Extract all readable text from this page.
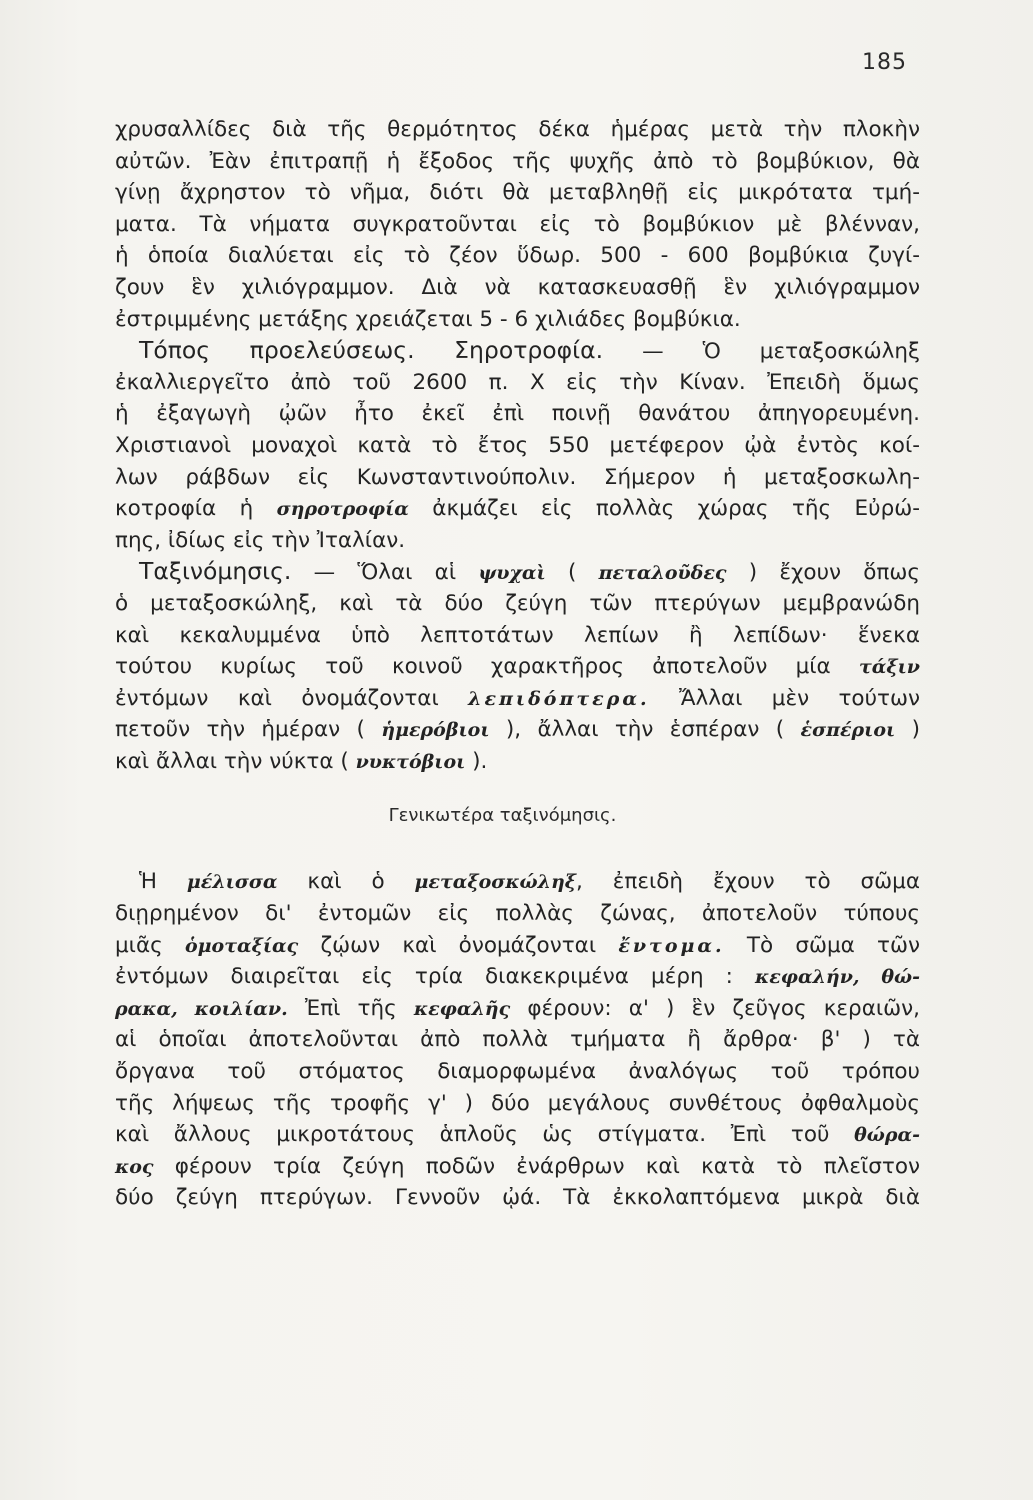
185
χρυσαλλίδες διὰ τῆς θερμότητος δέκα ἡμέρας μετὰ τὴν πλοκὴν
αὐτῶν. Ἐὰν ἐπιτραπῇ ἡ ἔξοδος τῆς ψυχῆς ἀπὸ τὸ βομβύκιον, θὰ
γίνῃ ἄχρηστον τὸ νῆμα, διότι θὰ μεταβληθῇ εἰς μικρότατα τμή-
ματα. Τὰ νήματα συγκρατοῦνται εἰς τὸ βομβύκιον μὲ βλένναν,
ἡ ὁποία διαλύεται εἰς τὸ ζέον ὕδωρ. 500 - 600 βομβύκια ζυγί-
ζουν ἓν χιλιόγραμμον. Διὰ νὰ κατασκευασθῇ ἓν χιλιόγραμμον
ἐστριμμένης μετάξης χρειάζεται 5 - 6 χιλιάδες βομβύκια.
Τόπος προελεύσεως. Σηροτροφία. — Ὁ μεταξοσκώληξ
ἐκαλλιεργεῖτο ἀπὸ τοῦ 2600 π. Χ εἰς τὴν Κίναν. Ἐπειδὴ ὅμως
ἡ ἐξαγωγὴ ᾠῶν ἦτο ἐκεῖ ἐπὶ ποινῇ θανάτου ἀπηγορευμένη.
Χριστιανοὶ μοναχοὶ κατὰ τὸ ἔτος 550 μετέφερον ᾠὰ ἐντὸς κοί-
λων ράβδων εἰς Κωνσταντινούπολιν. Σήμερον ἡ μεταξοσκωλη-
κοτροφία ἡ σηροτροφία ἀκμάζει εἰς πολλὰς χώρας τῆς Εὐρώ-
πης, ἰδίως εἰς τὴν Ἰταλίαν.
Ταξινόμησις. — Ὅλαι αἱ ψυχαὶ ( πεταλοῦδες ) ἔχουν ὅπως
ὁ μεταξοσκώληξ, καὶ τὰ δύο ζεύγη τῶν πτερύγων μεμβρανώδη
καὶ κεκαλυμμένα ὑπὸ λεπτοτάτων λεπίων ἢ λεπίδων· ἕνεκα
τούτου κυρίως τοῦ κοινοῦ χαρακτῆρος ἀποτελοῦν μία τάξιν
ἐντόμων καὶ ὀνομάζονται λεπιδόπτερα. Ἄλλαι μὲν τούτων
πετοῦν τὴν ἡμέραν ( ἡμερόβιοι ), ἄλλαι τὴν ἑσπέραν ( ἑσπέριοι )
καὶ ἄλλαι τὴν νύκτα ( νυκτόβιοι ).
Γενικωτέρα ταξινόμησις.
Ἡ μέλισσα καὶ ὁ μεταξοσκώληξ, ἐπειδὴ ἔχουν τὸ σῶμα
διῃρημένον δι' ἐντομῶν εἰς πολλὰς ζώνας, ἀποτελοῦν τύπους
μιᾶς ὁμοταξίας ζῴων καὶ ὀνομάζονται ἔντομα. Τὸ σῶμα τῶν
ἐντόμων διαιρεῖται εἰς τρία διακεκριμένα μέρη : κεφαλήν, θώ-
ρακα, κοιλίαν. Ἐπὶ τῆς κεφαλῆς φέρουν: α' ) ἓν ζεῦγος κεραιῶν,
αἱ ὁποῖαι ἀποτελοῦνται ἀπὸ πολλὰ τμήματα ἢ ἄρθρα· β' ) τὰ
ὄργανα τοῦ στόματος διαμορφωμένα ἀναλόγως τοῦ τρόπου
τῆς λήψεως τῆς τροφῆς γ' ) δύο μεγάλους συνθέτους ὀφθαλμοὺς
καὶ ἄλλους μικροτάτους ἁπλοῦς ὡς στίγματα. Ἐπὶ τοῦ θώρα-
κος φέρουν τρία ζεύγη ποδῶν ἐνάρθρων καὶ κατὰ τὸ πλεῖστον
δύο ζεύγη πτερύγων. Γεννοῦν ᾠά. Τὰ ἐκκολαπτόμενα μικρὰ διὰ
